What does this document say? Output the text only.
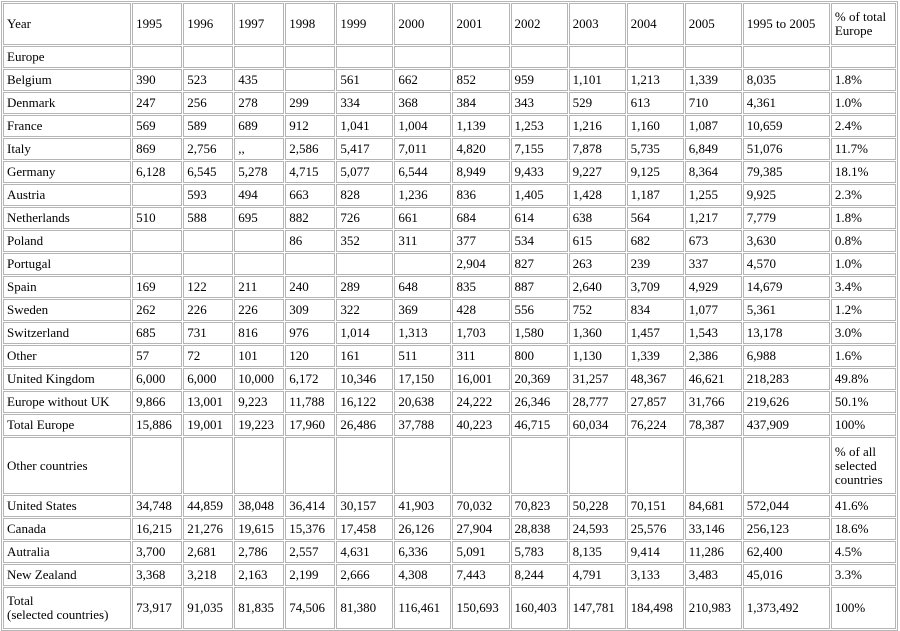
Year	1995	1996	1997	1998	1999	2000	2001	2002	2003	2004	2005	1995 to 2005	% of total Europe
Europe													
Belgium	390	523	435		561	662	852	959	1,101	1,213	1,339	8,035	1.8%
Denmark	247	256	278	299	334	368	384	343	529	613	710	4,361	1.0%
France	569	589	689	912	1,041	1,004	1,139	1,253	1,216	1,160	1,087	10,659	2.4%
Italy	869	2,756	,,	2,586	5,417	7,011	4,820	7,155	7,878	5,735	6,849	51,076	11.7%
Germany	6,128	6,545	5,278	4,715	5,077	6,544	8,949	9,433	9,227	9,125	8,364	79,385	18.1%
Austria		593	494	663	828	1,236	836	1,405	1,428	1,187	1,255	9,925	2.3%
Netherlands	510	588	695	882	726	661	684	614	638	564	1,217	7,779	1.8%
Poland				86	352	311	377	534	615	682	673	3,630	0.8%
Portugal							2,904	827	263	239	337	4,570	1.0%
Spain	169	122	211	240	289	648	835	887	2,640	3,709	4,929	14,679	3.4%
Sweden	262	226	226	309	322	369	428	556	752	834	1,077	5,361	1.2%
Switzerland	685	731	816	976	1,014	1,313	1,703	1,580	1,360	1,457	1,543	13,178	3.0%
Other	57	72	101	120	161	511	311	800	1,130	1,339	2,386	6,988	1.6%
United Kingdom	6,000	6,000	10,000	6,172	10,346	17,150	16,001	20,369	31,257	48,367	46,621	218,283	49.8%
Europe without UK	9,866	13,001	9,223	11,788	16,122	20,638	24,222	26,346	28,777	27,857	31,766	219,626	50.1%
Total Europe	15,886	19,001	19,223	17,960	26,486	37,788	40,223	46,715	60,034	76,224	78,387	437,909	100%
Other countries													% of all selected countries
United States	34,748	44,859	38,048	36,414	30,157	41,903	70,032	70,823	50,228	70,151	84,681	572,044	41.6%
Canada	16,215	21,276	19,615	15,376	17,458	26,126	27,904	28,838	24,593	25,576	33,146	256,123	18.6%
Autralia	3,700	2,681	2,786	2,557	4,631	6,336	5,091	5,783	8,135	9,414	11,286	62,400	4.5%
New Zealand	3,368	3,218	2,163	2,199	2,666	4,308	7,443	8,244	4,791	3,133	3,483	45,016	3.3%
Total
(selected countries)	73,917	91,035	81,835	74,506	81,380	116,461	150,693	160,403	147,781	184,498	210,983	1,373,492	100%
